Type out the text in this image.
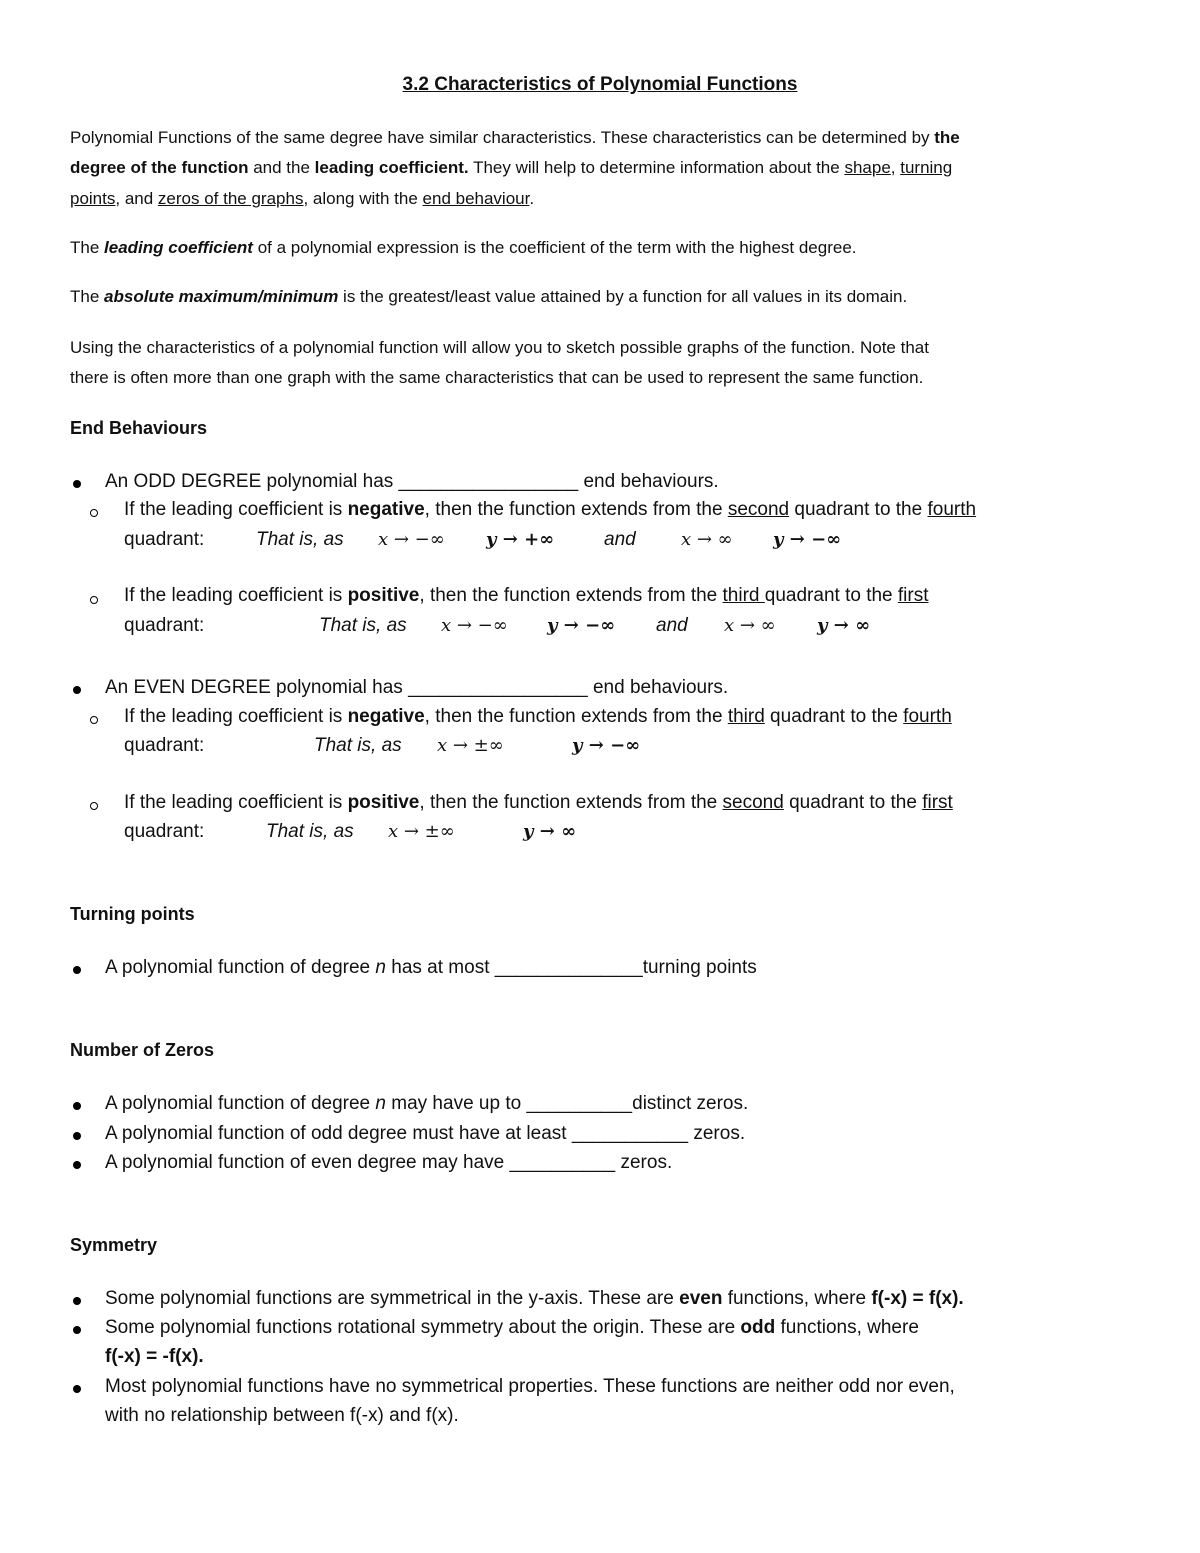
3.2 Characteristics of Polynomial Functions
Polynomial Functions of the same degree have similar characteristics. These characteristics can be determined by the
degree of the function and the leading coefficient. They will help to determine information about the shape, turning
points, and zeros of the graphs, along with the end behaviour.
The leading coefficient of a polynomial expression is the coefficient of the term with the highest degree.
The absolute maximum/minimum is the greatest/least value attained by a function for all values in its domain.
Using the characteristics of a polynomial function will allow you to sketch possible graphs of the function. Note that
there is often more than one graph with the same characteristics that can be used to represent the same function.
End Behaviours
An ODD DEGREE polynomial has _________________ end behaviours.
If the leading coefficient is negative, then the function extends from the second quadrant to the fourth
quadrant:	That is, as x → −∞ y → +∞	and	x → ∞ y → −∞
If the leading coefficient is positive, then the function extends from the third quadrant to the first
quadrant:	That is, as x → −∞ y → −∞ and x → ∞ y → ∞
An EVEN DEGREE polynomial has _________________ end behaviours.
If the leading coefficient is negative, then the function extends from the third quadrant to the fourth
quadrant:	That is, as x → ±∞	y → −∞
If the leading coefficient is positive, then the function extends from the second quadrant to the first
quadrant:	That is, as x → ±∞	y → ∞
Turning points
A polynomial function of degree n has at most ______________turning points
Number of Zeros
A polynomial function of degree n may have up to __________distinct zeros.
A polynomial function of odd degree must have at least ___________ zeros.
A polynomial function of even degree may have __________ zeros.
Symmetry
Some polynomial functions are symmetrical in the y-axis. These are even functions, where f(-x) = f(x).
Some polynomial functions rotational symmetry about the origin. These are odd functions, where
f(-x) = -f(x).
Most polynomial functions have no symmetrical properties. These functions are neither odd nor even,
with no relationship between f(-x) and f(x).
